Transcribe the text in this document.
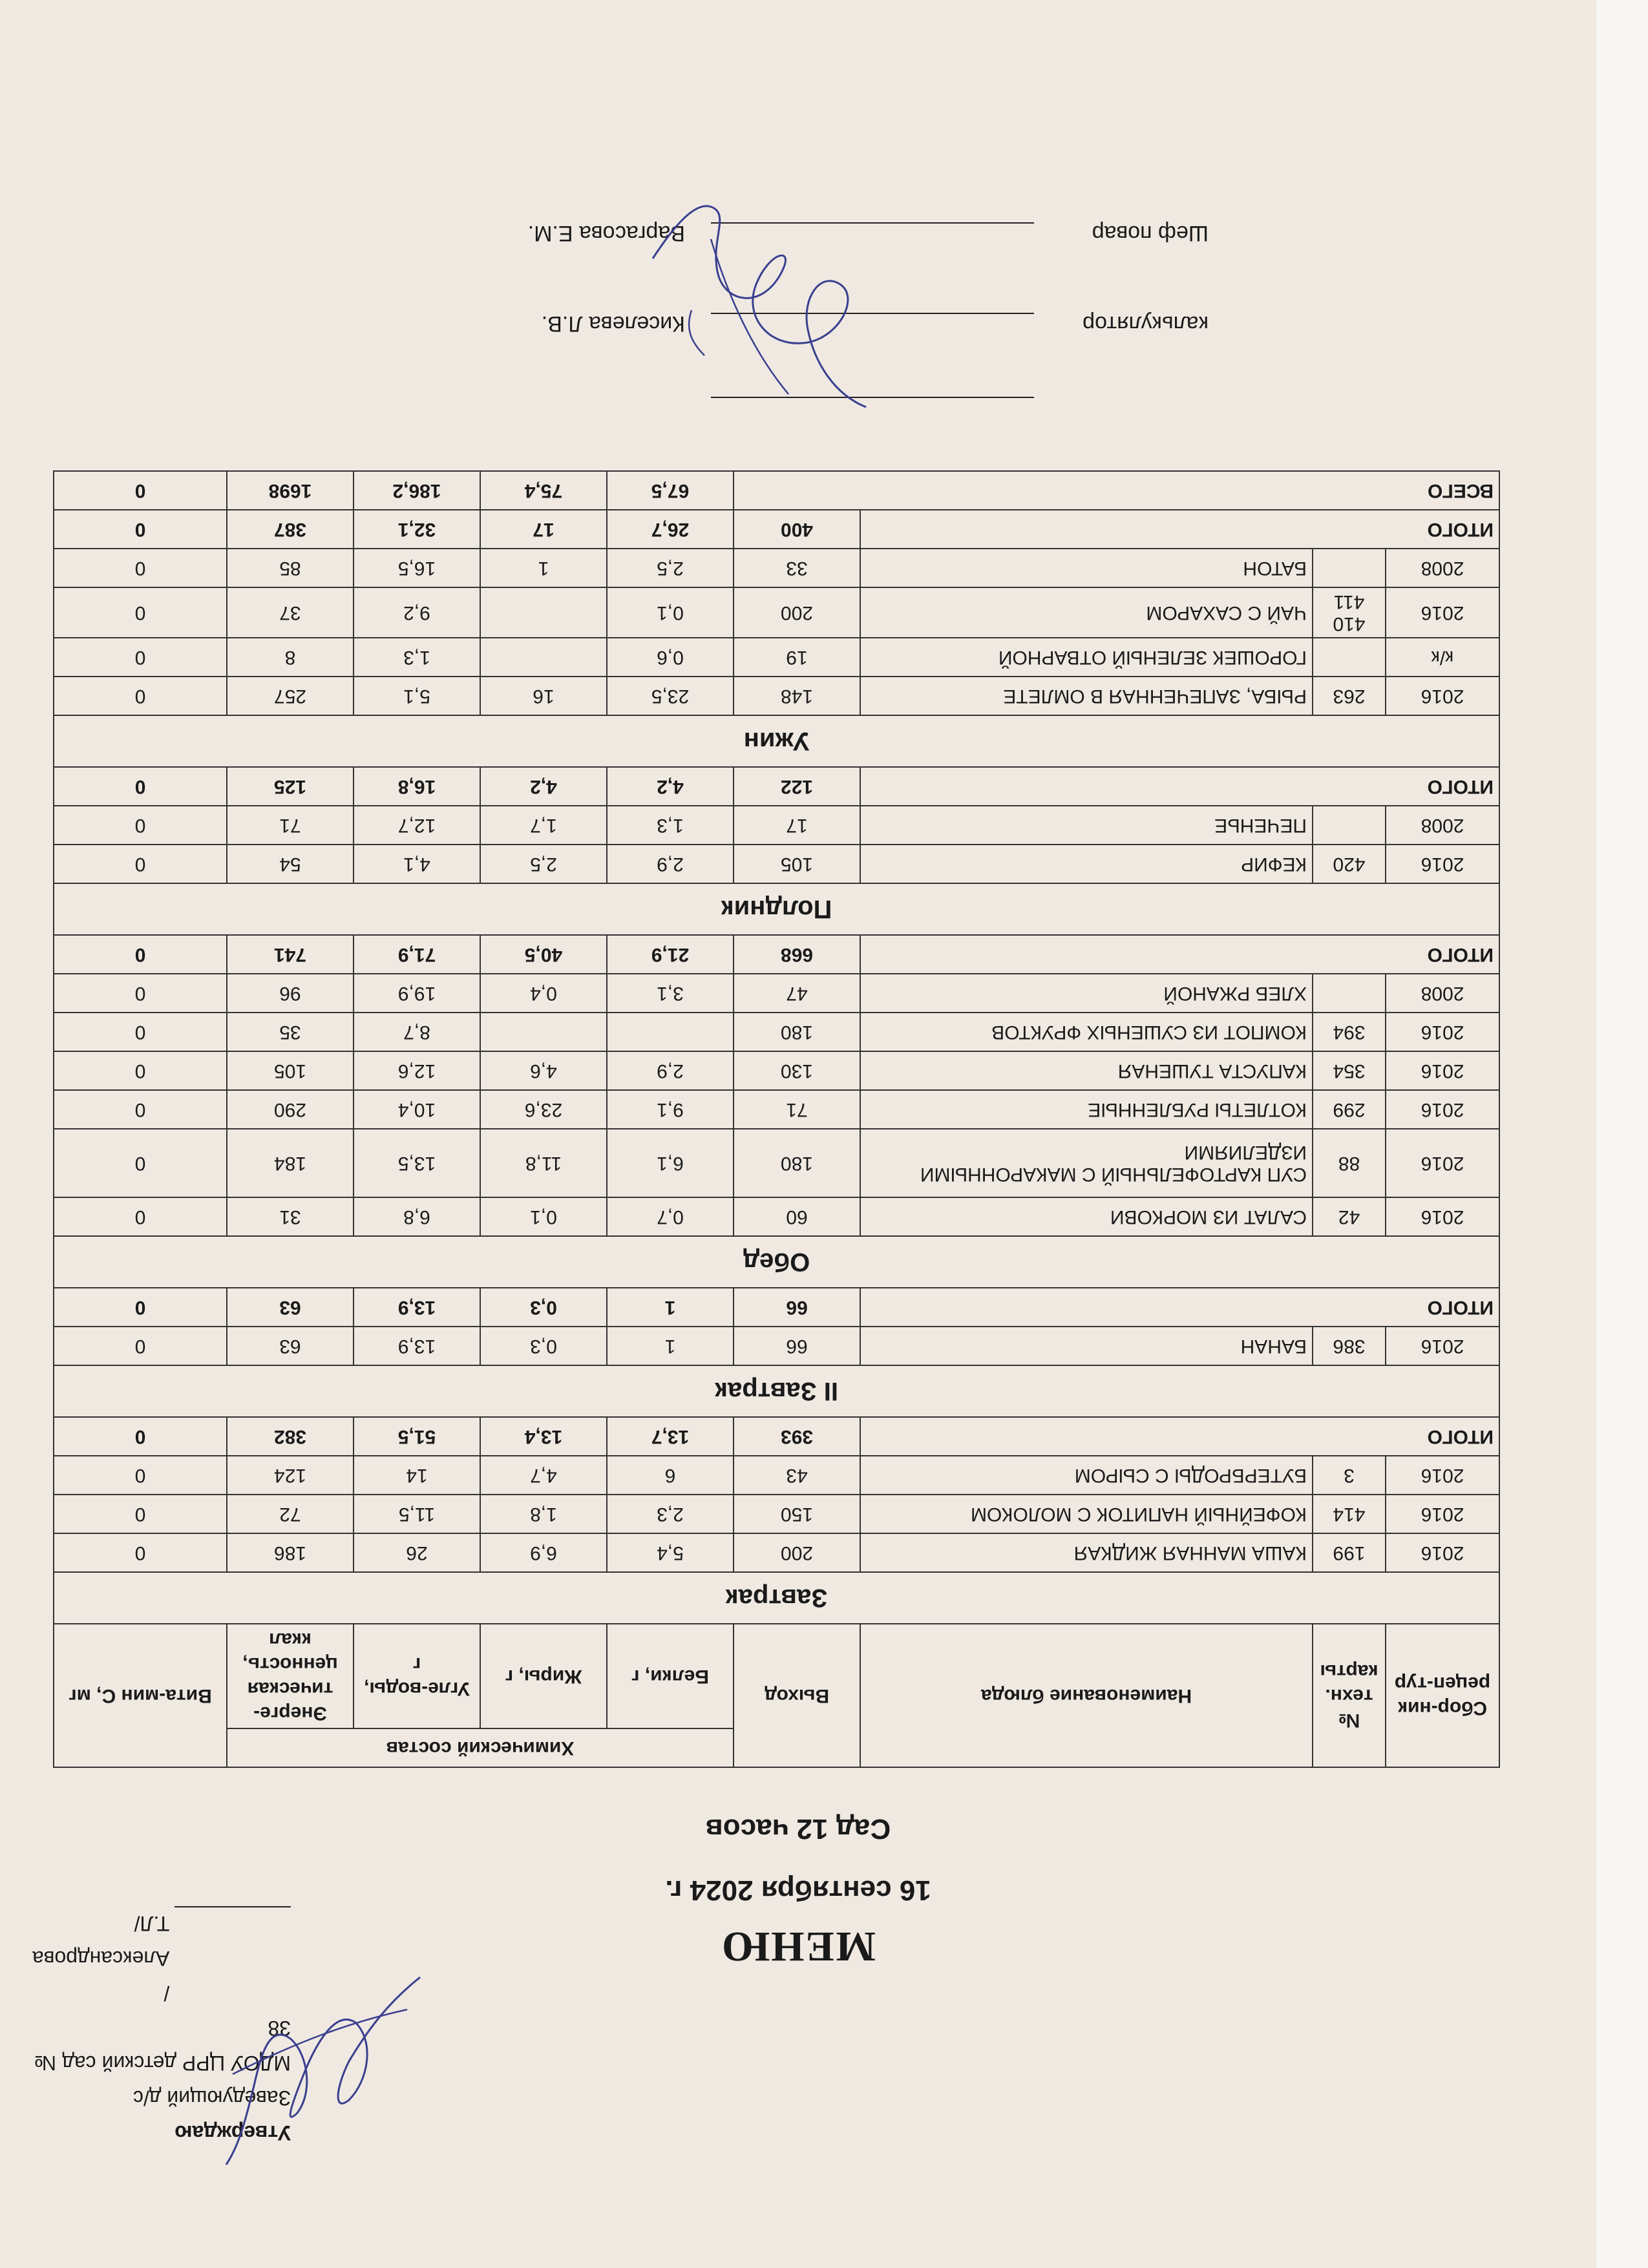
Утверждаю
Заведующий д/с
МДОУ ЦРР детский сад № 38
/Александрова Т.Л/	МЕНЮ
16 сентября 2024 г.
Сад 12 часов
Сбор-ник рецеп-тур	№ техн. карты	Наименование блюда	Выход	Химический состав				Вита-мин С, мг
				Белки, г	Жиры, г	Угле-воды, г	Энерге-тическая ценность, ккал	
Завтрак								
2016	199	КАША МАННАЯ ЖИДКАЯ	200	5,4	6,9	26	186	0
2016	414	КОФЕЙНЫЙ НАПИТОК С МОЛОКОМ	150	2,3	1,8	11,5	72	0
2016	3	БУТЕРБРОДЫ С СЫРОМ	43	6	4,7	14	124	0
ИТОГО			393	13,7	13,4	51,5	382	0
II Завтрак								
2016	386	БАНАН	66	1	0,3	13,9	63	0
ИТОГО			66	1	0,3	13,9	63	0
Обед								
2016	42	САЛАТ ИЗ МОРКОВИ	60	0,7	0,1	6,8	31	0
2016	88	СУП КАРТОФЕЛЬНЫЙ С МАКАРОННЫМИ ИЗДЕЛИЯМИ	180	6,1	11,8	13,5	184	0
2016	299	КОТЛЕТЫ РУБЛЕННЫЕ	71	9,1	23,6	10,4	290	0
2016	354	КАПУСТА ТУШЕНАЯ	130	2,9	4,6	12,6	105	0
2016	394	КОМПОТ ИЗ СУШЕНЫХ ФРУКТОВ	180			8,7	35	0
2008		ХЛЕБ РЖАНОЙ	47	3,1	0,4	19,9	96	0
ИТОГО			668	21,9	40,5	71,9	741	0
Полдник								
2016	420	КЕФИР	105	2,9	2,5	4,1	54	0
2008		ПЕЧЕНЬЕ	17	1,3	1,7	12,7	71	0
ИТОГО			122	4,2	4,2	16,8	125	0
Ужин								
2016	263	РЫБА, ЗАПЕЧЕННАЯ В ОМЛЕТЕ	148	23,5	16	5,1	257	0
к/к		ГОРОШЕК ЗЕЛЕНЫЙ ОТВАРНОЙ	19	0,6		1,3	8	0
2016	410 411	ЧАЙ С САХАРОМ	200	0,1		9,2	37	0
2008		БАТОН	33	2,5	1	16,5	85	0
ИТОГО			400	26,7	17	32,1	387	0
ВСЕГО				67,5	75,4	186,2	1698	0
калькулятор
Киселева Л.В.
Шеф повар
Варгасова Е.М.
